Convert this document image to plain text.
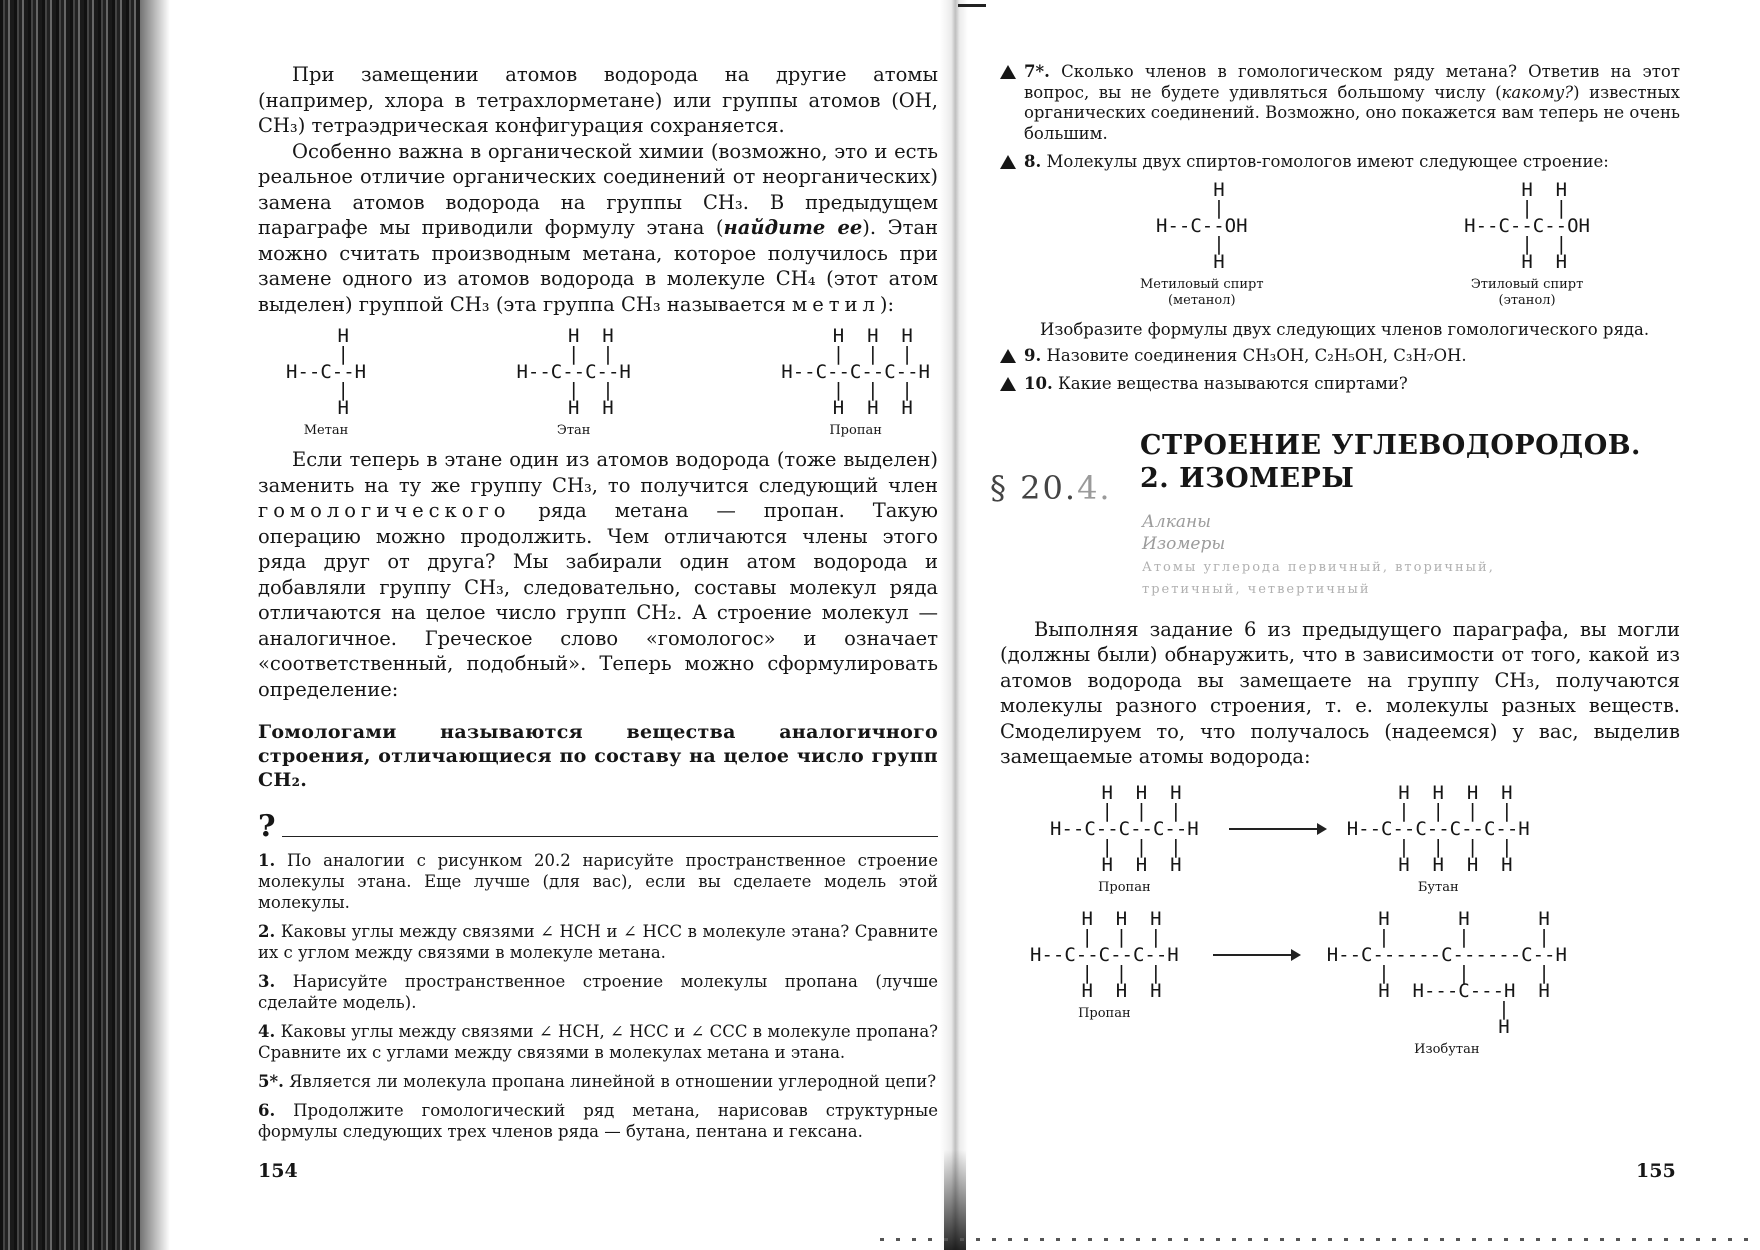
При замещении атомов водорода на другие атомы (например, хлора в тетрахлорметане) или группы атомов (OH, CH₃) тетраэдрическая конфигурация сохраняется.

Особенно важна в органической химии (возможно, это и есть реальное отличие органических соединений от неорганических) замена атомов водорода на группы CH₃. В предыдущем параграфе мы приводили формулу этана (найдите ее). Этан можно считать производным метана, которое получилось при замене одного из атомов водорода в молекуле CH₄ (этот атом выделен) группой CH₃ (эта группа CH₃ называется метил):

H
|
H--C--H
|
H
Метан
H  H
|  |
H--C--C--H
|  |
H  H
Этан
H  H  H
|  |  |
H--C--C--C--H
|  |  |
H  H  H
Пропан

Если теперь в этане один из атомов водорода (тоже выделен) заменить на ту же группу CH₃, то получится следующий член гомологического ряда метана — пропан. Такую операцию можно продолжить. Чем отличаются члены этого ряда друг от друга? Мы забирали один атом водорода и добавляли группу CH₃, следовательно, составы молекул ряда отличаются на целое число групп CH₂. А строение молекул — аналогичное. Греческое слово «гомологос» и означает «соответственный, подобный». Теперь можно сформулировать определение:

Гомологами называются вещества аналогичного строения, отличающиеся по составу на целое число групп CH₂.

?

1. По аналогии с рисунком 20.2 нарисуйте пространственное строение молекулы этана. Еще лучше (для вас), если вы сделаете модель этой молекулы.

2. Каковы углы между связями ∠ HCH и ∠ HCC в молекуле этана? Сравните их с углом между связями в молекуле метана.

3. Нарисуйте пространственное строение молекулы пропана (лучше сделайте модель).

4. Каковы углы между связями ∠ HCH, ∠ HCC и ∠ CCC в молекуле пропана? Сравните их с углами между связями в молекулах метана и этана.

5*. Является ли молекула пропана линейной в отношении углеродной цепи?

6. Продолжите гомологический ряд метана, нарисовав структурные формулы следующих трех членов ряда — бутана, пентана и гексана.

154
7*. Сколько членов в гомологическом ряду метана? Ответив на этот вопрос, вы не будете удивляться большому числу (какому?) известных органических соединений. Возможно, оно покажется вам теперь не очень большим.
8. Молекулы двух спиртов-гомологов имеют следующее строение:
H
|
H--C--OH
|
H
Метиловый спирт
(метанол)
H  H
|  |
H--C--C--OH
|  |
H  H
Этиловый спирт
(этанол)

Изобразите формулы двух следующих членов гомологического ряда.

9. Назовите соединения CH₃OH, C₂H₅OH, C₃H₇OH.
10. Какие вещества называются спиртами?
§ 20.4.
СТРОЕНИЕ УГЛЕВОДОРОДОВ.
2. ИЗОМЕРЫ
Алканы
Изомеры
Атомы углерода первичный, вторичный,
третичный, четвертичный

Выполняя задание 6 из предыдущего параграфа, вы могли (должны были) обнаружить, что в зависимости от того, какой из атомов водорода вы замещаете на группу CH₃, получаются молекулы разного строения, т. е. молекулы разных веществ. Смоделируем то, что получалось (надеемся) у вас, выделив замещаемые атомы водорода:

H  H  H
|  |  |
H--C--C--C--H
|  |  |
H  H  H
Пропан
H  H  H  H
|  |  |  |
H--C--C--C--C--H
|  |  |  |
H  H  H  H
Бутан
H  H  H
|  |  |
H--C--C--C--H
|  |  |
H  H  H
Пропан
H      H      H
|      |      |
H--C------C------C--H
|      |      |
H  H---C---H  H
|
H
Изобутан
155
